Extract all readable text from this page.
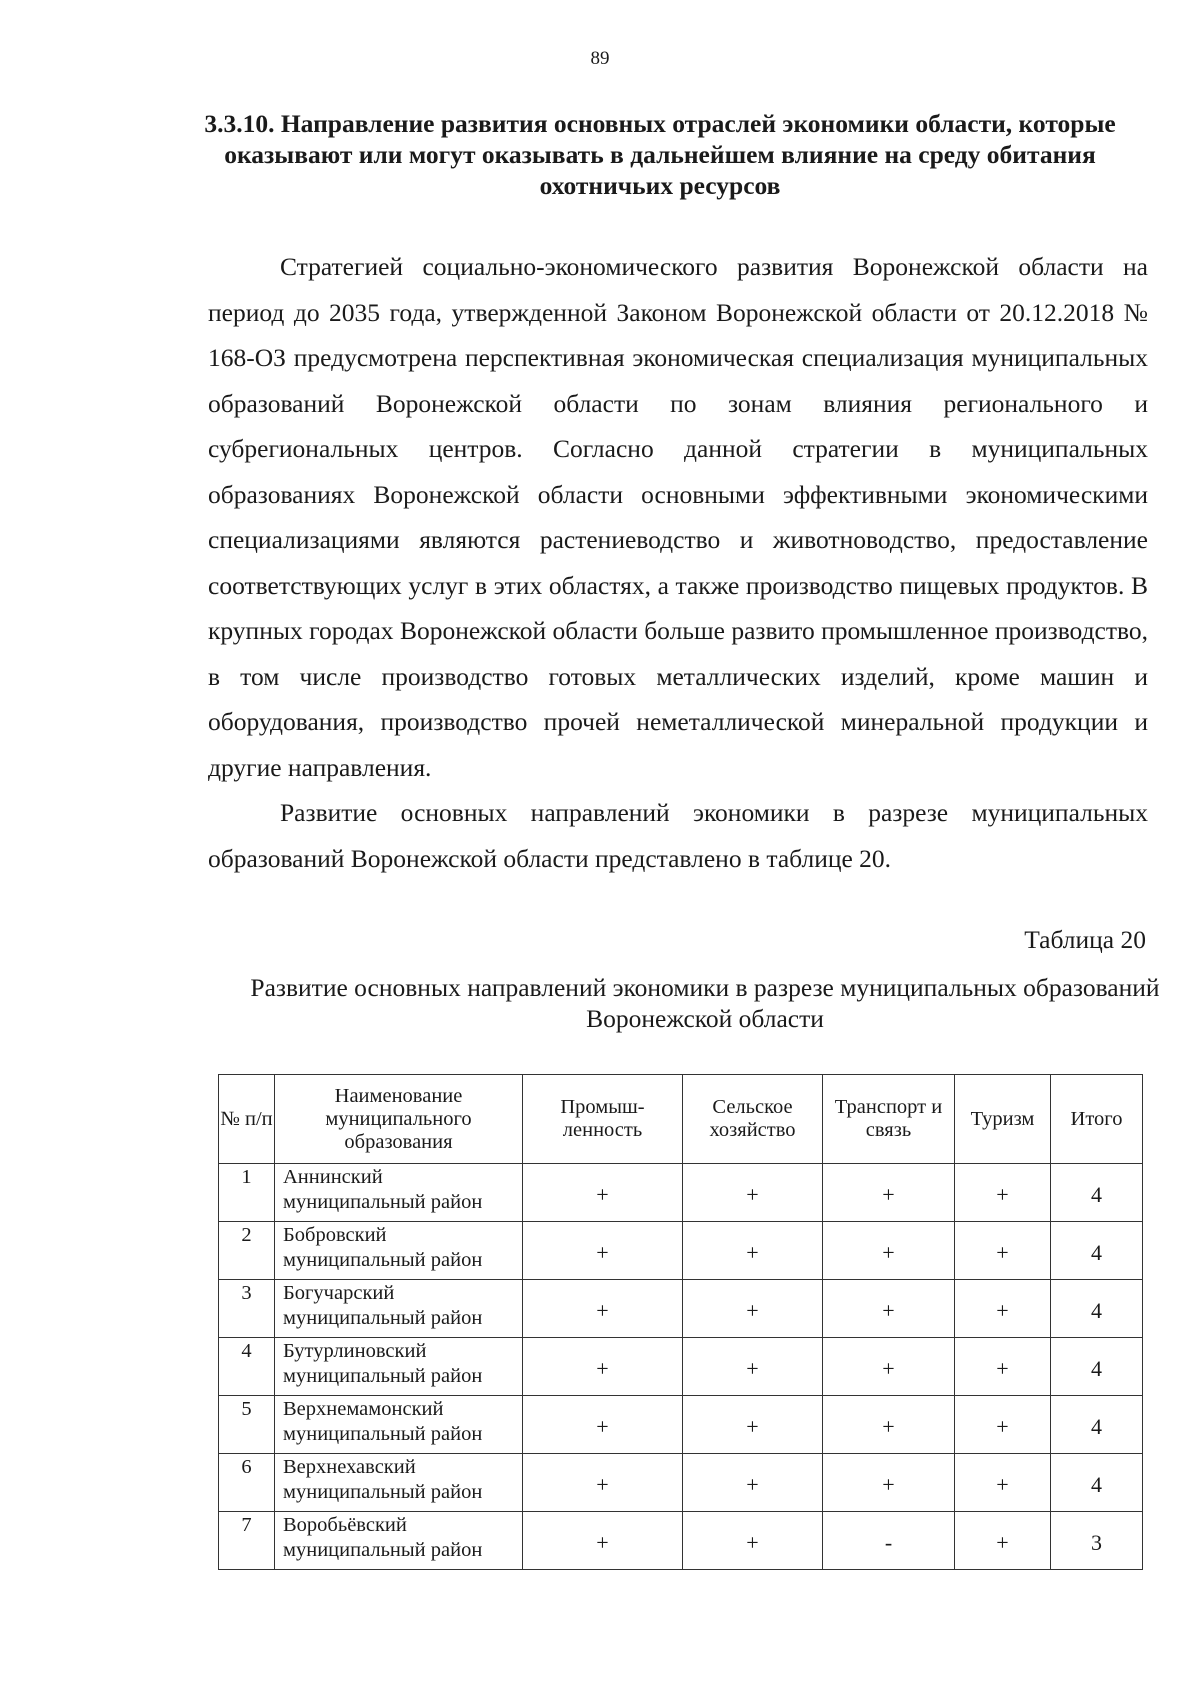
89
3.3.10. Направление развития основных отраслей экономики области, которые оказывают или могут оказывать в дальнейшем влияние на среду обитания охотничьих ресурсов

Стратегией социально-экономического развития Воронежской области на период до 2035 года, утвержденной Законом Воронежской области от 20.12.2018 № 168-ОЗ предусмотрена перспективная экономическая специализация муниципальных образований Воронежской области по зонам влияния регионального и субрегиональных центров. Согласно данной стратегии в муниципальных образованиях Воронежской области основными эффективными экономическими специализациями являются растениеводство и животноводство, предоставление соответствующих услуг в этих областях, а также производство пищевых продуктов. В крупных городах Воронежской области больше развито промышленное производство, в том числе производство готовых металлических изделий, кроме машин и оборудования, производство прочей неметаллической минеральной продукции и другие направления.

Развитие основных направлений экономики в разрезе муниципальных образований Воронежской области представлено в таблице 20.

Таблица 20
Развитие основных направлений экономики в разрезе муниципальных образований Воронежской области
№ п/п	Наименование муниципального образования	Промыш-ленность	Сельское хозяйство	Транспорт и связь	Туризм	Итого
1	Аннинский муниципальный район	+	+	+	+	4
2	Бобровский муниципальный район	+	+	+	+	4
3	Богучарский муниципальный район	+	+	+	+	4
4	Бутурлиновский муниципальный район	+	+	+	+	4
5	Верхнемамонский муниципальный район	+	+	+	+	4
6	Верхнехавский муниципальный район	+	+	+	+	4
7	Воробьёвский муниципальный район	+	+	-	+	3
